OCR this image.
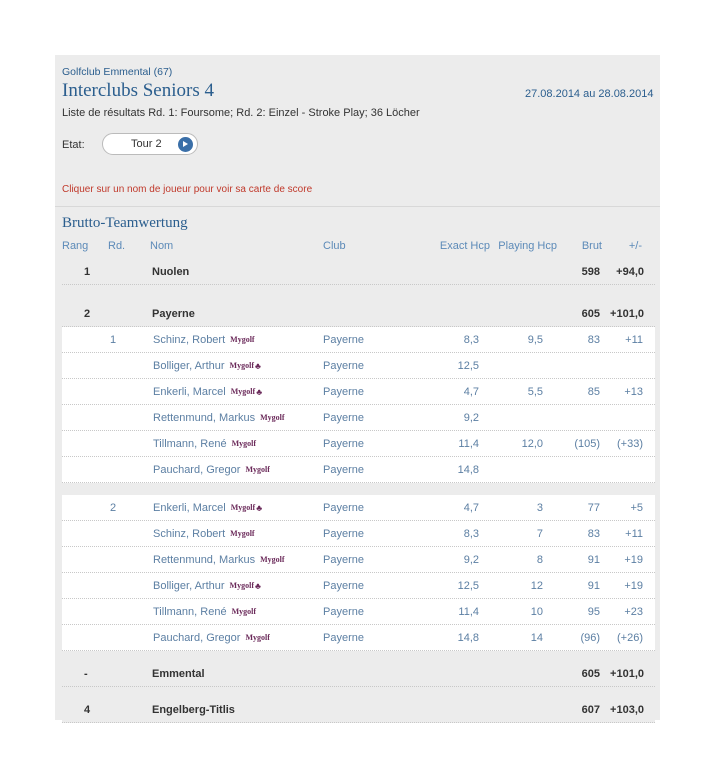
Golfclub Emmental (67)
Interclubs Seniors 4	27.08.2014 au 28.08.2014
Liste de résultats Rd. 1: Foursome; Rd. 2: Einzel - Stroke Play; 36 Löcher
Etat:	Tour 2
Cliquer sur un nom de joueur pour voir sa carte de score
Brutto-Teamwertung
Rang Rd. Nom	Club	Exact Hcp Playing Hcp	Brut	+/-
1	Nuolen	598	+94,0
2	Payerne	605 +101,0
1	Schinz, Robert Mygolf	Payerne	8,3	9,5	83	+11
Bolliger, Arthur Mygolf♣	Payerne	12,5
Enkerli, Marcel Mygolf♣	Payerne	4,7	5,5	85	+13
Rettenmund, Markus Mygolf	Payerne	9,2
Tillmann, René Mygolf	Payerne	11,4	12,0	(105)	(+33)
Pauchard, Gregor Mygolf	Payerne	14,8
2	Enkerli, Marcel Mygolf♣	Payerne	4,7	3	77	+5
Schinz, Robert Mygolf	Payerne	8,3	7	83	+11
Rettenmund, Markus Mygolf	Payerne	9,2	8	91	+19
Bolliger, Arthur Mygolf♣	Payerne	12,5	12	91	+19
Tillmann, René Mygolf	Payerne	11,4	10	95	+23
Pauchard, Gregor Mygolf	Payerne	14,8	14	(96)	(+26)
-	Emmental	605 +101,0
4	Engelberg-Titlis	607 +103,0
